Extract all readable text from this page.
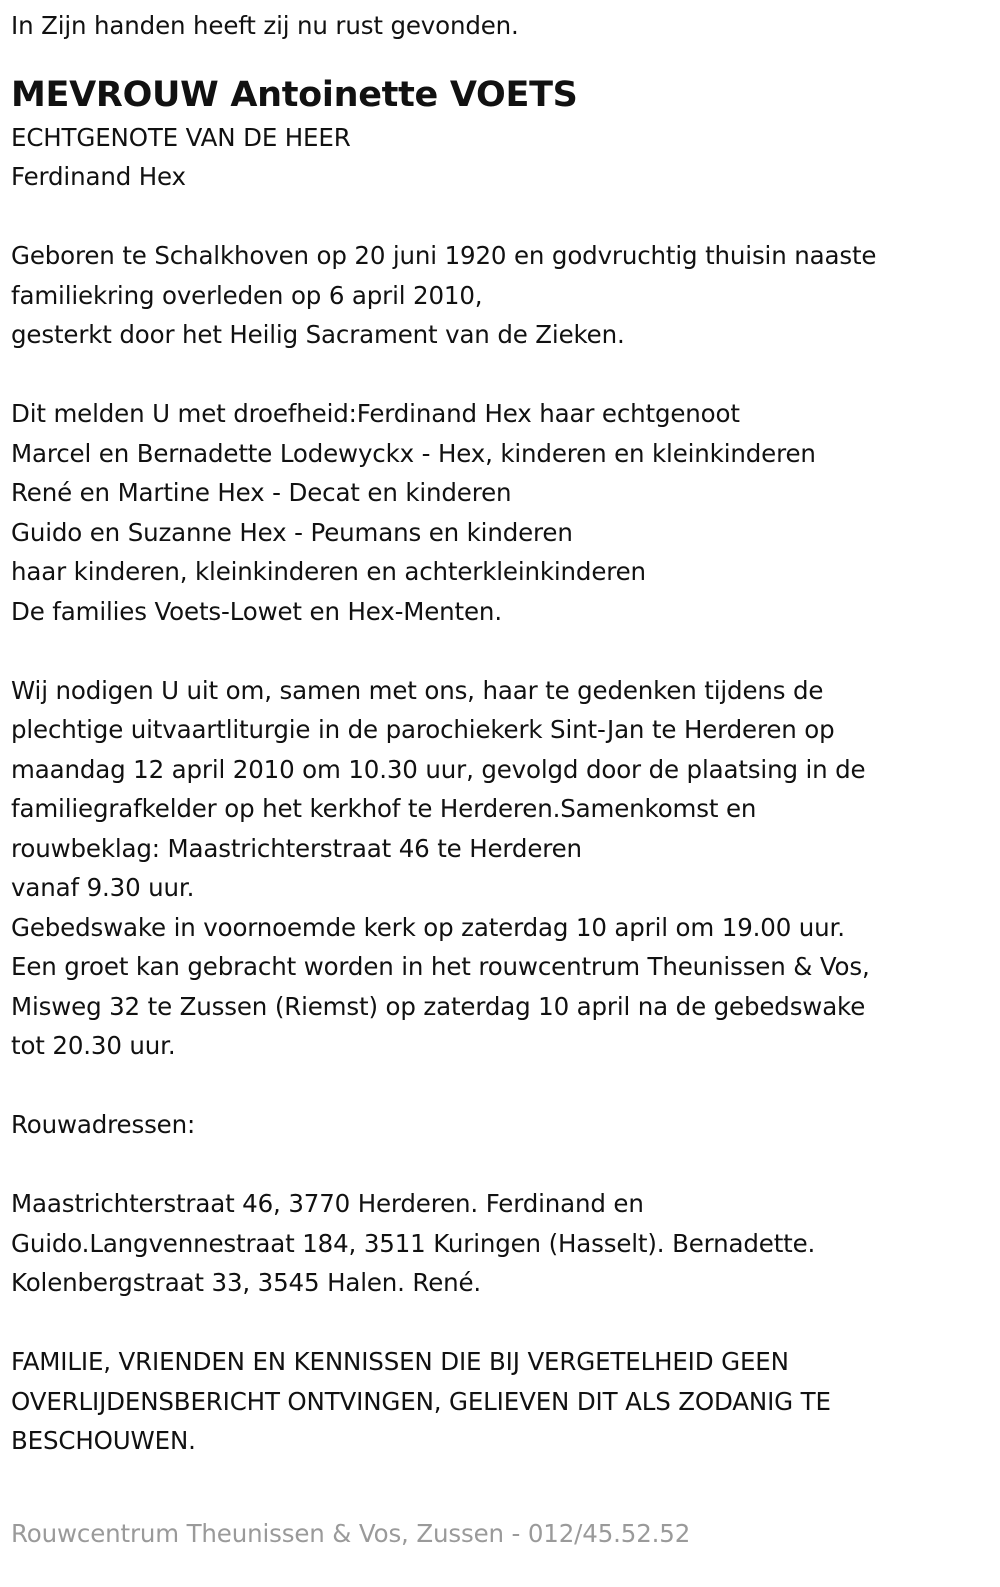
In Zijn handen heeft zij nu rust gevonden.
MEVROUW Antoinette VOETS
ECHTGENOTE VAN DE HEER
Ferdinand Hex
Geboren te Schalkhoven op 20 juni 1920 en godvruchtig thuisin naaste
familiekring overleden op 6 april 2010,
gesterkt door het Heilig Sacrament van de Zieken.
Dit melden U met droefheid:Ferdinand Hex haar echtgenoot
Marcel en Bernadette Lodewyckx - Hex, kinderen en kleinkinderen
René en Martine Hex - Decat en kinderen
Guido en Suzanne Hex - Peumans en kinderen
haar kinderen, kleinkinderen en achterkleinkinderen
De families Voets-Lowet en Hex-Menten.
Wij nodigen U uit om, samen met ons, haar te gedenken tijdens de
plechtige uitvaartliturgie in de parochiekerk Sint-Jan te Herderen op
maandag 12 april 2010 om 10.30 uur, gevolgd door de plaatsing in de
familiegrafkelder op het kerkhof te Herderen.Samenkomst en
rouwbeklag: Maastrichterstraat 46 te Herderen
vanaf 9.30 uur.
Gebedswake in voornoemde kerk op zaterdag 10 april om 19.00 uur.
Een groet kan gebracht worden in het rouwcentrum Theunissen & Vos,
Misweg 32 te Zussen (Riemst) op zaterdag 10 april na de gebedswake
tot 20.30 uur.
Rouwadressen:
Maastrichterstraat 46, 3770 Herderen. Ferdinand en
Guido.Langvennestraat 184, 3511 Kuringen (Hasselt). Bernadette.
Kolenbergstraat 33, 3545 Halen. René.
FAMILIE, VRIENDEN EN KENNISSEN DIE BIJ VERGETELHEID GEEN
OVERLIJDENSBERICHT ONTVINGEN, GELIEVEN DIT ALS ZODANIG TE
BESCHOUWEN.
Rouwcentrum Theunissen & Vos, Zussen - 012/45.52.52
